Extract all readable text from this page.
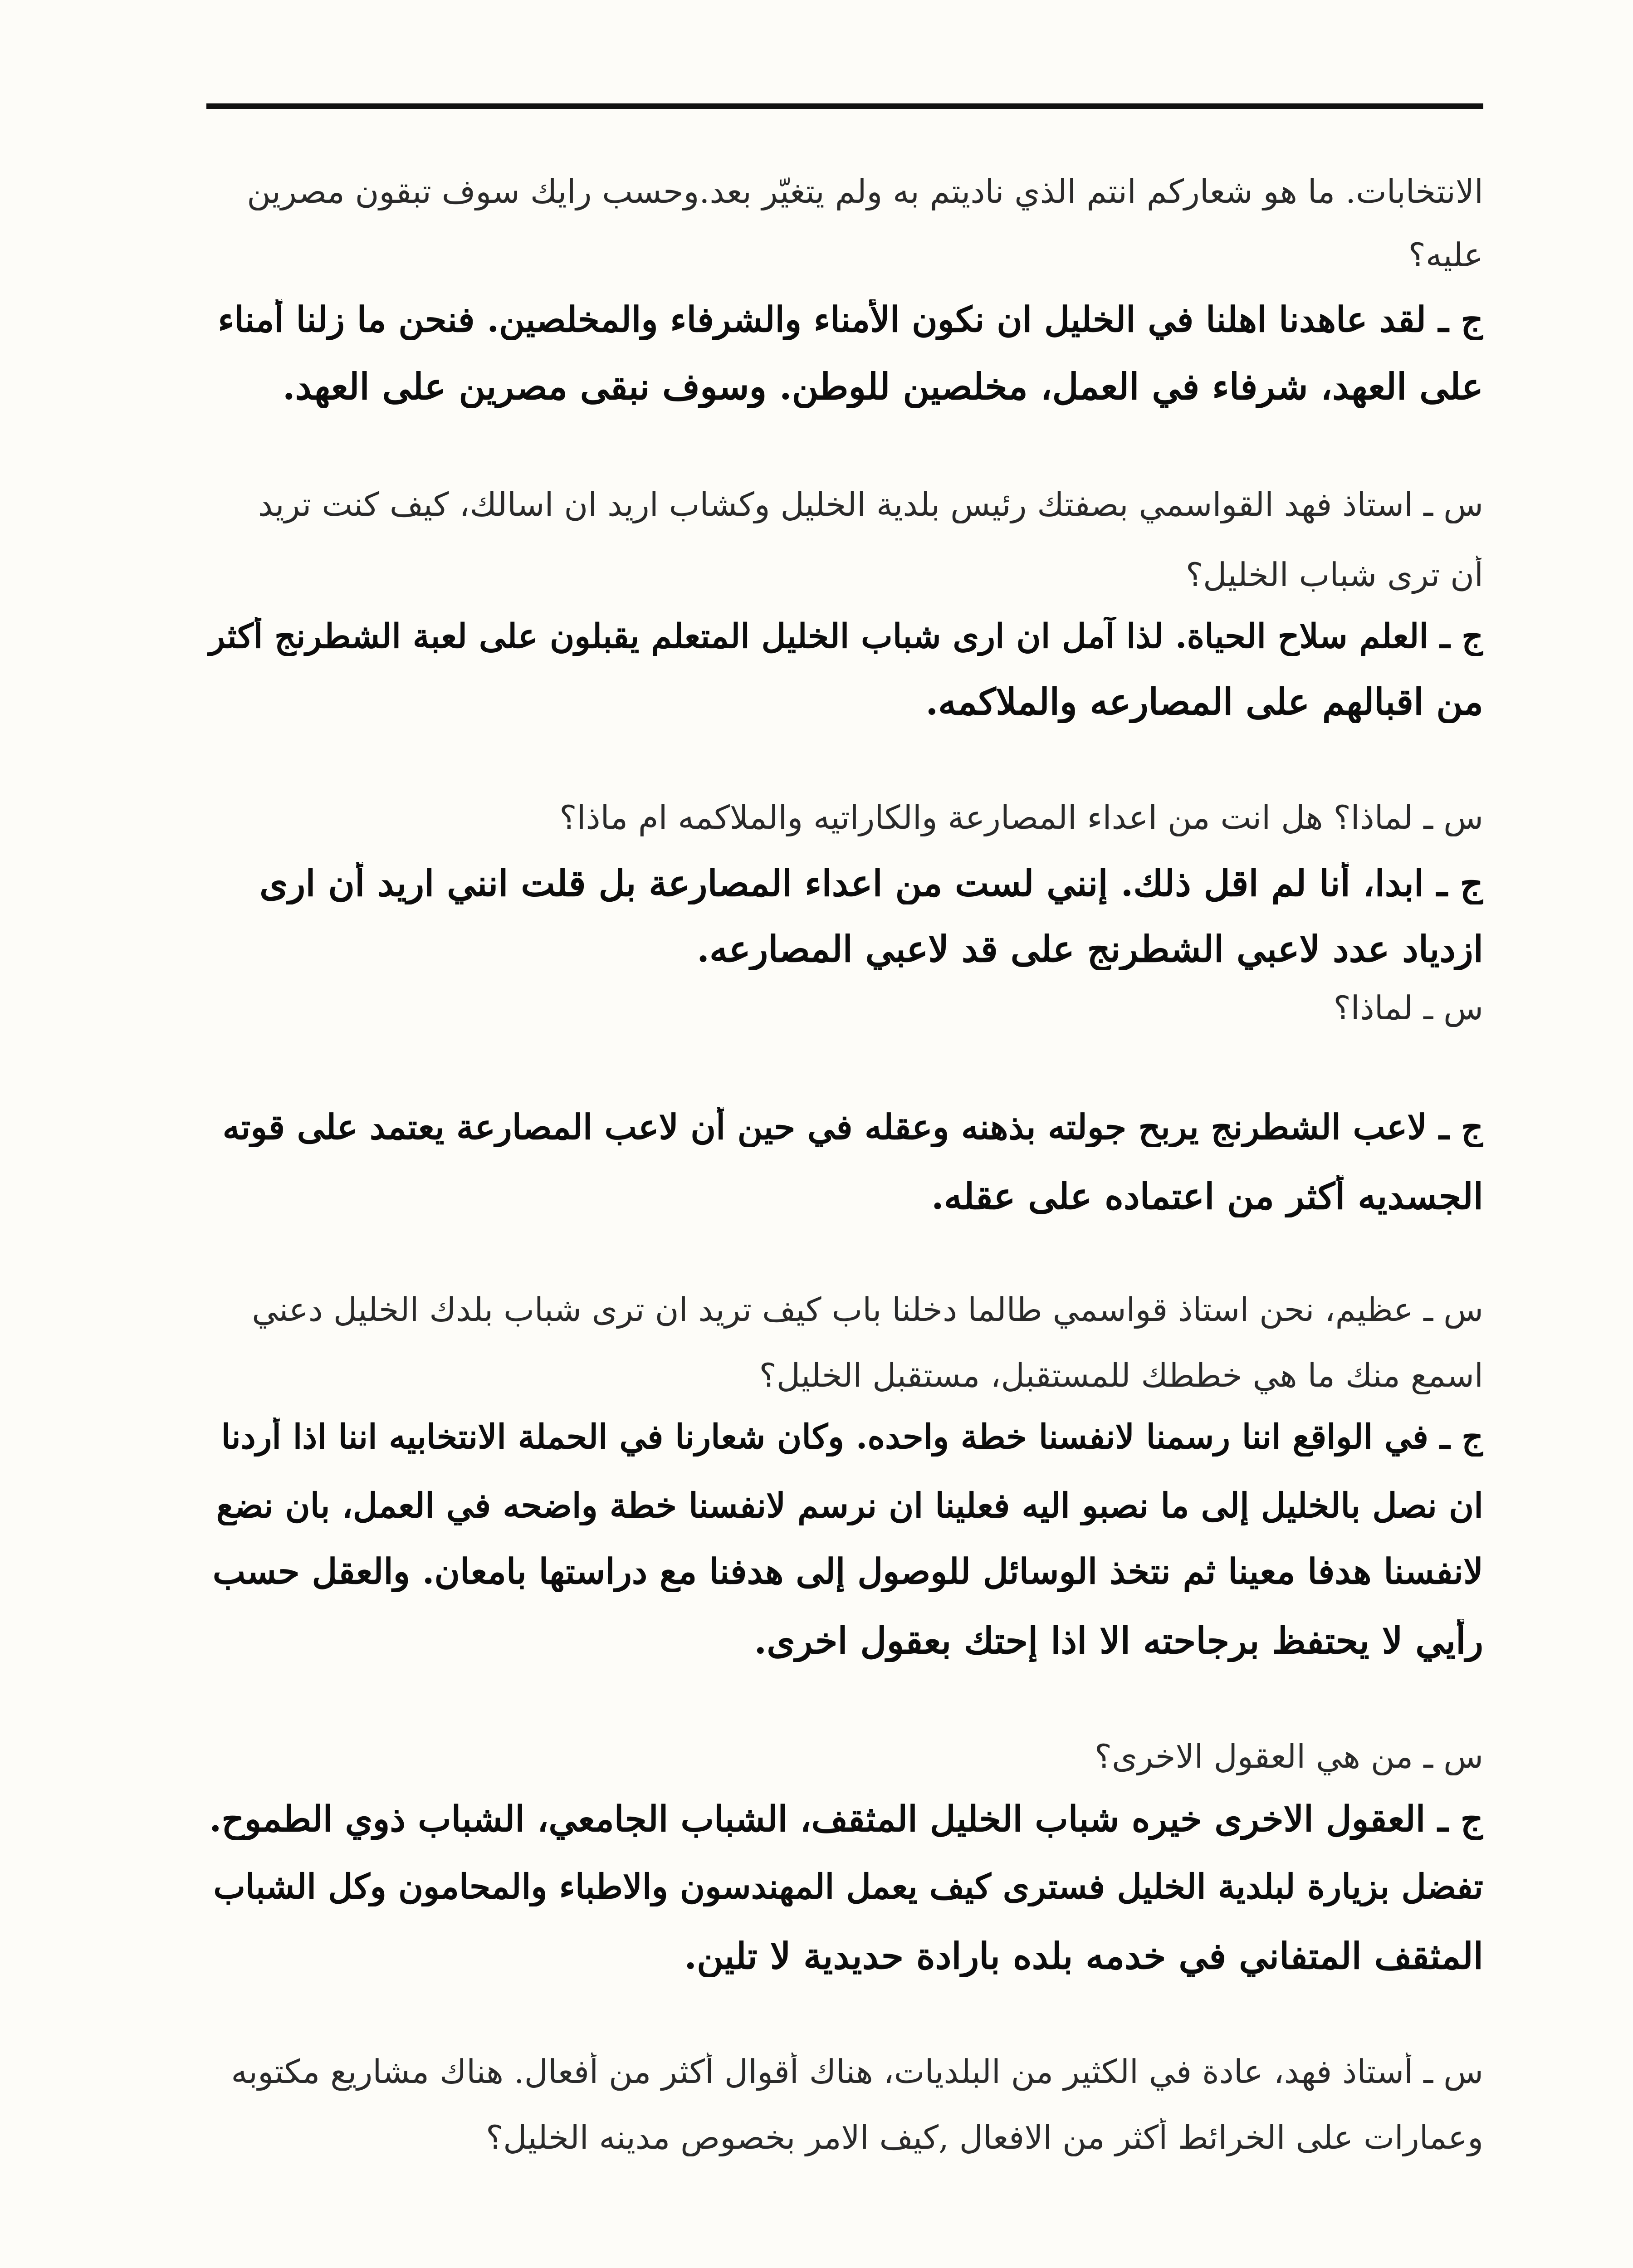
الانتخابات. ما هو شعاركم انتم الذي ناديتم به ولم يتغيّر بعد.وحسب رايك سوف تبقون مصرين
عليه؟
ج ـ لقد عاهدنا اهلنا في الخليل ان نكون الأمناء والشرفاء والمخلصين. فنحن ما زلنا أمناء
على العهد، شرفاء في العمل، مخلصين للوطن. وسوف نبقى مصرين على العهد.
س ـ استاذ فهد القواسمي بصفتك رئيس بلدية الخليل وكشاب اريد ان اسالك، كيف كنت تريد
أن ترى شباب الخليل؟
ج ـ العلم سلاح الحياة. لذا آمل ان ارى شباب الخليل المتعلم يقبلون على لعبة الشطرنج أكثر
من اقبالهم على المصارعه والملاكمه.
س ـ لماذا؟ هل انت من اعداء المصارعة والكاراتيه والملاكمه ام ماذا؟
ج ـ ابدا، أنا لم اقل ذلك. إنني لست من اعداء المصارعة بل قلت انني اريد أن ارى
ازدياد عدد لاعبي الشطرنج على قد لاعبي المصارعه.
س ـ لماذا؟
ج ـ لاعب الشطرنج يربح جولته بذهنه وعقله في حين أن لاعب المصارعة يعتمد على قوته
الجسديه أكثر من اعتماده على عقله.
س ـ عظيم، نحن استاذ قواسمي طالما دخلنا باب كيف تريد ان ترى شباب بلدك الخليل دعني
اسمع منك ما هي خططك للمستقبل، مستقبل الخليل؟
ج ـ في الواقع اننا رسمنا لانفسنا خطة واحده. وكان شعارنا في الحملة الانتخابيه اننا اذا أردنا
ان نصل بالخليل إلى ما نصبو اليه فعلينا ان نرسم لانفسنا خطة واضحه في العمل، بان نضع
لانفسنا هدفا معينا ثم نتخذ الوسائل للوصول إلى هدفنا مع دراستها بامعان. والعقل حسب
رأيي لا يحتفظ برجاحته الا اذا إحتك بعقول اخرى.
س ـ من هي العقول الاخرى؟
ج ـ العقول الاخرى خيره شباب الخليل المثقف، الشباب الجامعي، الشباب ذوي الطموح.
تفضل بزيارة لبلدية الخليل فسترى كيف يعمل المهندسون والاطباء والمحامون وكل الشباب
المثقف المتفاني في خدمه بلده بارادة حديدية لا تلين.
س ـ أستاذ فهد، عادة في الكثير من البلديات، هناك أقوال أكثر من أفعال. هناك مشاريع مكتوبه
وعمارات على الخرائط أكثر من الافعال ,كيف الامر بخصوص مدينه الخليل؟
